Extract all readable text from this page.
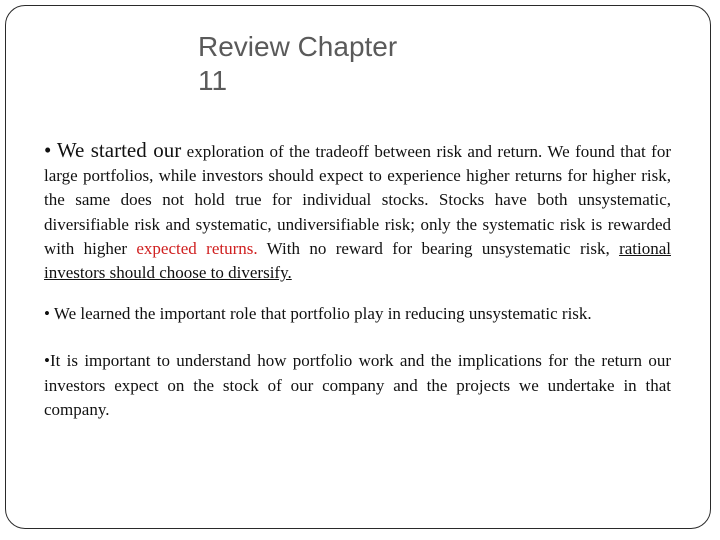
Review Chapter
11

• We started our exploration of the tradeoff between risk and return. We found that for large portfolios, while investors should expect to experience higher returns for higher risk, the same does not hold true for individual stocks. Stocks have both unsystematic, diversifiable risk and systematic, undiversifiable risk; only the systematic risk is rewarded with higher expected returns. With no reward for bearing unsystematic risk, rational investors should choose to diversify.

• We learned the important role that portfolio play in reducing unsystematic risk.

•It is important to understand how portfolio work and the implications for the return our investors expect on the stock of our company and the projects we undertake in that company.
